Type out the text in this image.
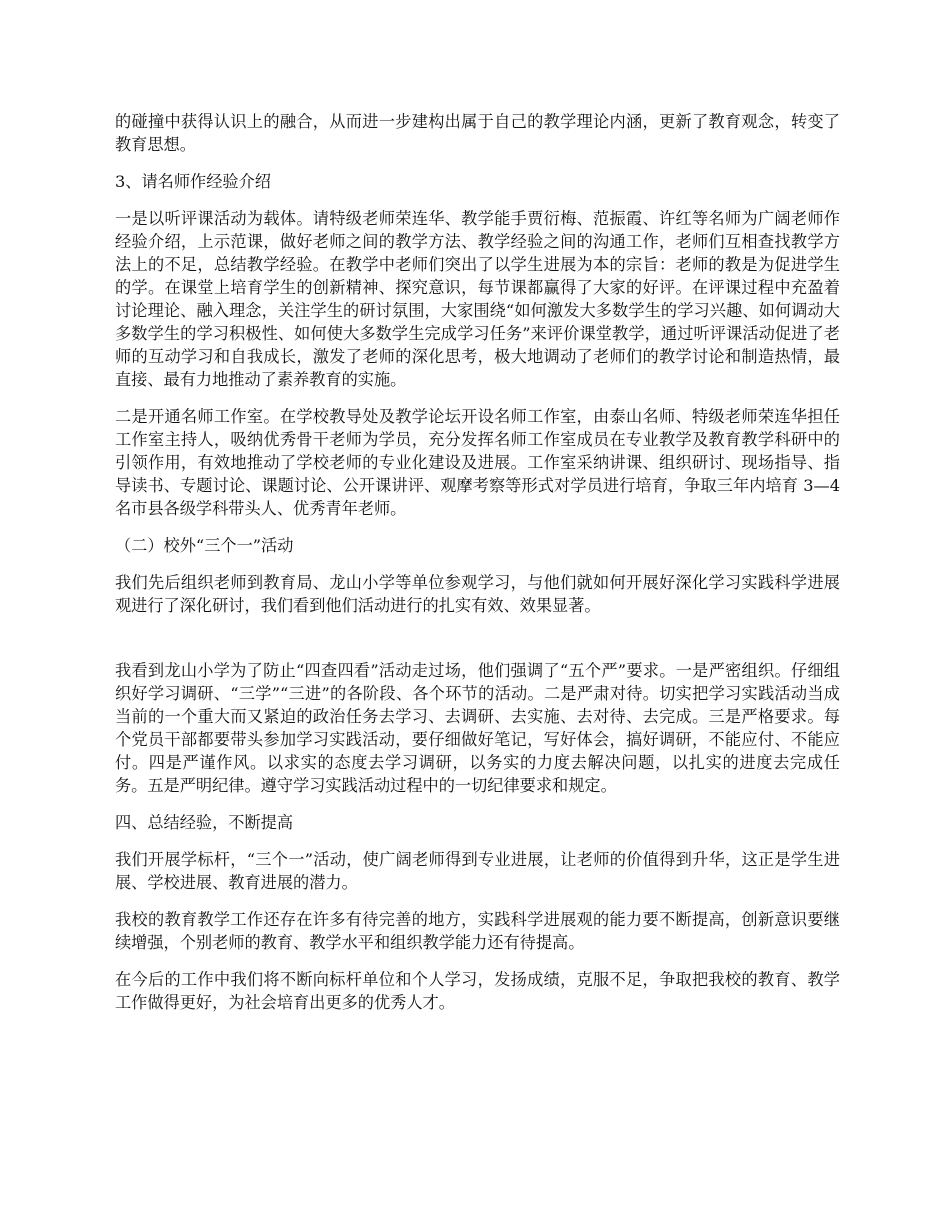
的碰撞中获得认识上的融合，从而进一步建构出属于自己的教学理论内涵，更新了教育观念，转变了教育思想。

3、请名师作经验介绍

一是以听评课活动为载体。请特级老师荣连华、教学能手贾衍梅、范振霞、许红等名师为广阔老师作经验介绍，上示范课，做好老师之间的教学方法、教学经验之间的沟通工作，老师们互相查找教学方法上的不足，总结教学经验。在教学中老师们突出了以学生进展为本的宗旨：老师的教是为促进学生的学。在课堂上培育学生的创新精神、探究意识，每节课都赢得了大家的好评。在评课过程中充盈着讨论理论、融入理念，关注学生的研讨氛围，大家围绕“如何激发大多数学生的学习兴趣、如何调动大多数学生的学习积极性、如何使大多数学生完成学习任务”来评价课堂教学，通过听评课活动促进了老师的互动学习和自我成长，激发了老师的深化思考，极大地调动了老师们的教学讨论和制造热情，最直接、最有力地推动了素养教育的实施。

二是开通名师工作室。在学校教导处及教学论坛开设名师工作室，由泰山名师、特级老师荣连华担任工作室主持人，吸纳优秀骨干老师为学员，充分发挥名师工作室成员在专业教学及教育教学科研中的引领作用，有效地推动了学校老师的专业化建设及进展。工作室采纳讲课、组织研讨、现场指导、指导读书、专题讨论、课题讨论、公开课讲评、观摩考察等形式对学员进行培育，争取三年内培育 3—4 名市县各级学科带头人、优秀青年老师。

（二）校外“三个一”活动

我们先后组织老师到教育局、龙山小学等单位参观学习，与他们就如何开展好深化学习实践科学进展观进行了深化研讨，我们看到他们活动进行的扎实有效、效果显著。

我看到龙山小学为了防止“四查四看”活动走过场，他们强调了“五个严”要求。一是严密组织。仔细组织好学习调研、“三学”“三进”的各阶段、各个环节的活动。二是严肃对待。切实把学习实践活动当成当前的一个重大而又紧迫的政治任务去学习、去调研、去实施、去对待、去完成。三是严格要求。每个党员干部都要带头参加学习实践活动，要仔细做好笔记，写好体会，搞好调研，不能应付、不能应付。四是严谨作风。以求实的态度去学习调研，以务实的力度去解决问题，以扎实的进度去完成任务。五是严明纪律。遵守学习实践活动过程中的一切纪律要求和规定。

四、总结经验，不断提高

我们开展学标杆，“三个一”活动，使广阔老师得到专业进展，让老师的价值得到升华，这正是学生进展、学校进展、教育进展的潜力。

我校的教育教学工作还存在许多有待完善的地方，实践科学进展观的能力要不断提高，创新意识要继续增强，个别老师的教育、教学水平和组织教学能力还有待提高。

在今后的工作中我们将不断向标杆单位和个人学习，发扬成绩，克服不足，争取把我校的教育、教学工作做得更好，为社会培育出更多的优秀人才。
